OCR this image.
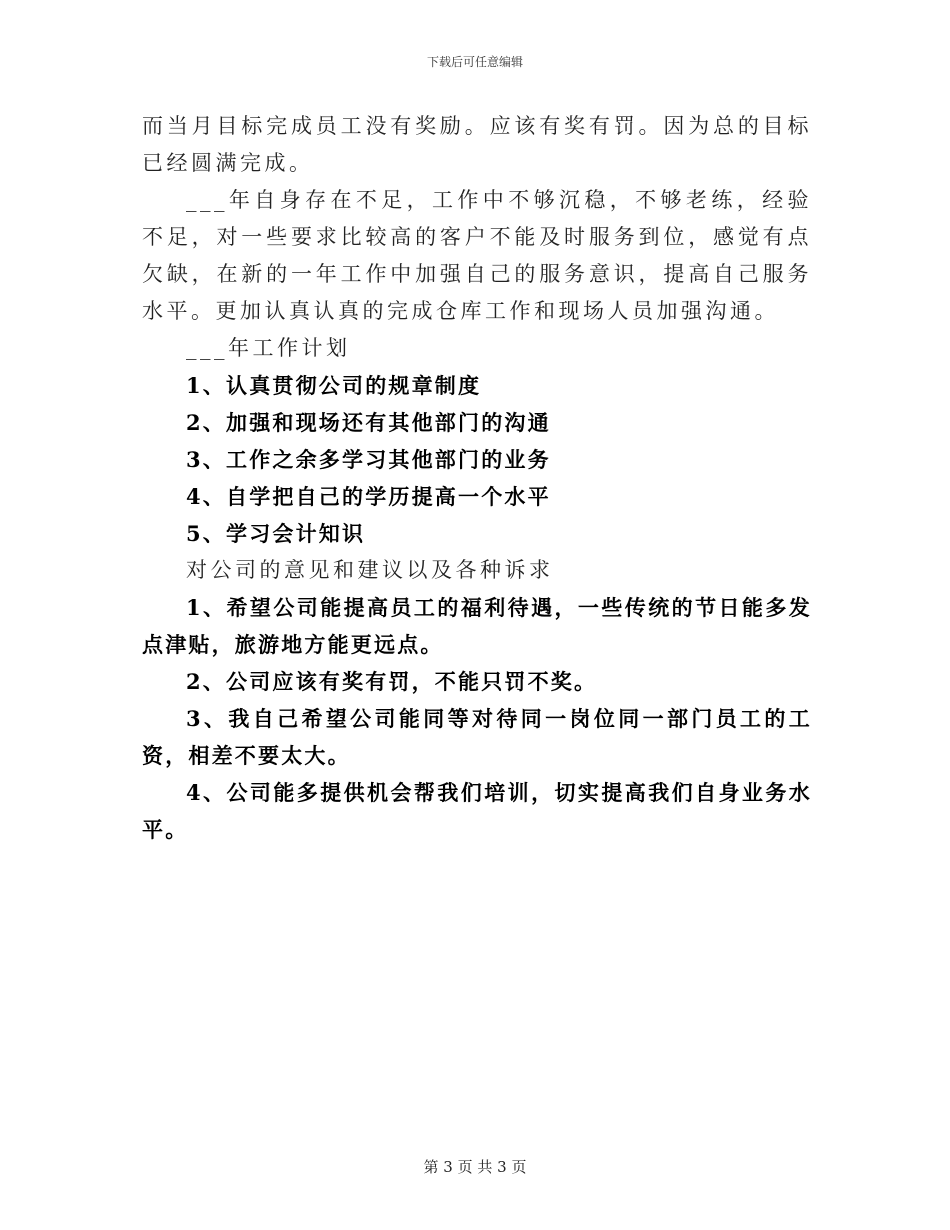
下载后可任意编辑

而当月目标完成员工没有奖励。应该有奖有罚。因为总的目标已经圆满完成。

___年自身存在不足，工作中不够沉稳，不够老练，经验不足，对一些要求比较高的客户不能及时服务到位，感觉有点欠缺，在新的一年工作中加强自己的服务意识，提高自己服务水平。更加认真认真的完成仓库工作和现场人员加强沟通。

___年工作计划

1、认真贯彻公司的规章制度

2、加强和现场还有其他部门的沟通

3、工作之余多学习其他部门的业务

4、自学把自己的学历提高一个水平

5、学习会计知识

对公司的意见和建议以及各种诉求

1、希望公司能提高员工的福利待遇，一些传统的节日能多发点津贴，旅游地方能更远点。

2、公司应该有奖有罚，不能只罚不奖。

3、我自己希望公司能同等对待同一岗位同一部门员工的工资，相差不要太大。

4、公司能多提供机会帮我们培训，切实提高我们自身业务水平。

第 3 页 共 3 页
